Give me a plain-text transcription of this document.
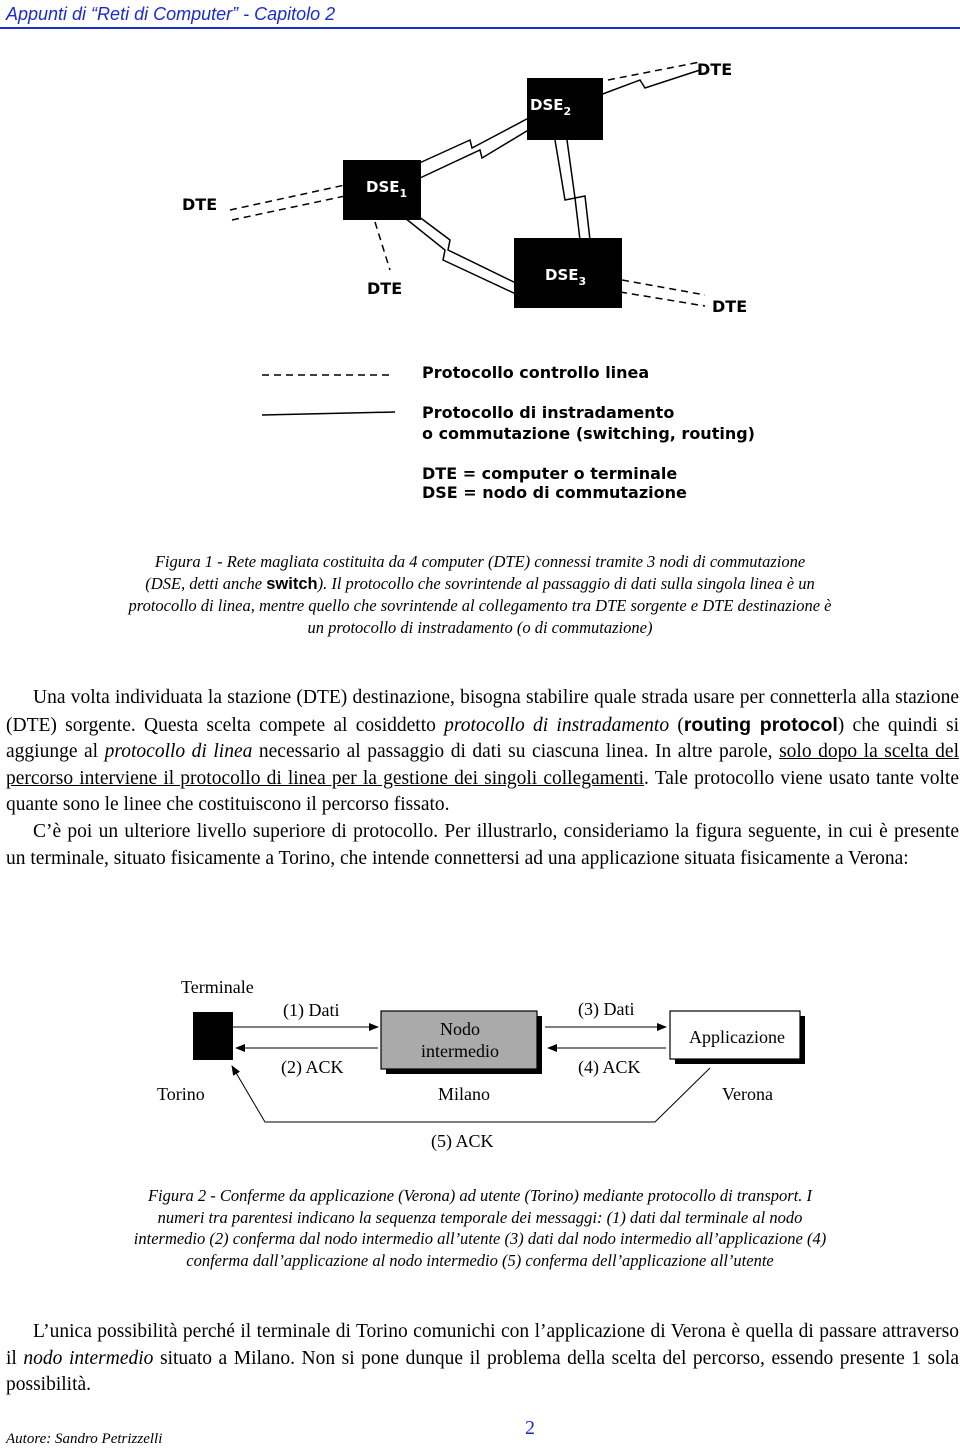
Appunti di “Reti di Computer” - Capitolo 2
$DSE_1$
$DSE_2$
$DSE_3$
DTE
DTE
DTE
DTE
Protocollo controllo linea
Protocollo di instradamento
o commutazione (switching, routing)
DTE = computer o terminale
DSE = nodo di commutazione
Figura 1 - Rete magliata costituita da 4 computer (DTE) connessi tramite 3 nodi di commutazione
(DSE, detti anche switch). Il protocollo che sovrintende al passaggio di dati sulla singola linea è un
protocollo di linea, mentre quello che sovrintende al collegamento tra DTE sorgente e DTE destinazione è
un protocollo di instradamento (o di commutazione)

Una volta individuata la stazione (DTE) destinazione, bisogna stabilire quale strada usare per connetterla alla stazione (DTE) sorgente. Questa scelta compete al cosiddetto protocollo di instradamento (routing protocol) che quindi si aggiunge al protocollo di linea necessario al passaggio di dati su ciascuna linea. In altre parole, solo dopo la scelta del percorso interviene il protocollo di linea per la gestione dei singoli collegamenti. Tale protocollo viene usato tante volte quante sono le linee che costituiscono il percorso fissato.

C’è poi un ulteriore livello superiore di protocollo. Per illustrarlo, consideriamo la figura seguente, in cui è presente un terminale, situato fisicamente a Torino, che intende connettersi ad una applicazione situata fisicamente a Verona:

Terminale
Torino
Nodo
intermedio
Milano
Applicazione
Verona
(1) Dati
(2) ACK
(3) Dati
(4) ACK
(5) ACK
Figura 2 - Conferme da applicazione (Verona) ad utente (Torino) mediante protocollo di transport. I
numeri tra parentesi indicano la sequenza temporale dei messaggi: (1) dati dal terminale al nodo
intermedio (2) conferma dal nodo intermedio all’utente (3) dati dal nodo intermedio all’applicazione (4)
conferma dall’applicazione al nodo intermedio (5) conferma dell’applicazione all’utente

L’unica possibilità perché il terminale di Torino comunichi con l’applicazione di Verona è quella di passare attraverso il nodo intermedio situato a Milano. Non si pone dunque il problema della scelta del percorso, essendo presente 1 sola possibilità.

Autore: Sandro Petrizzelli	2
